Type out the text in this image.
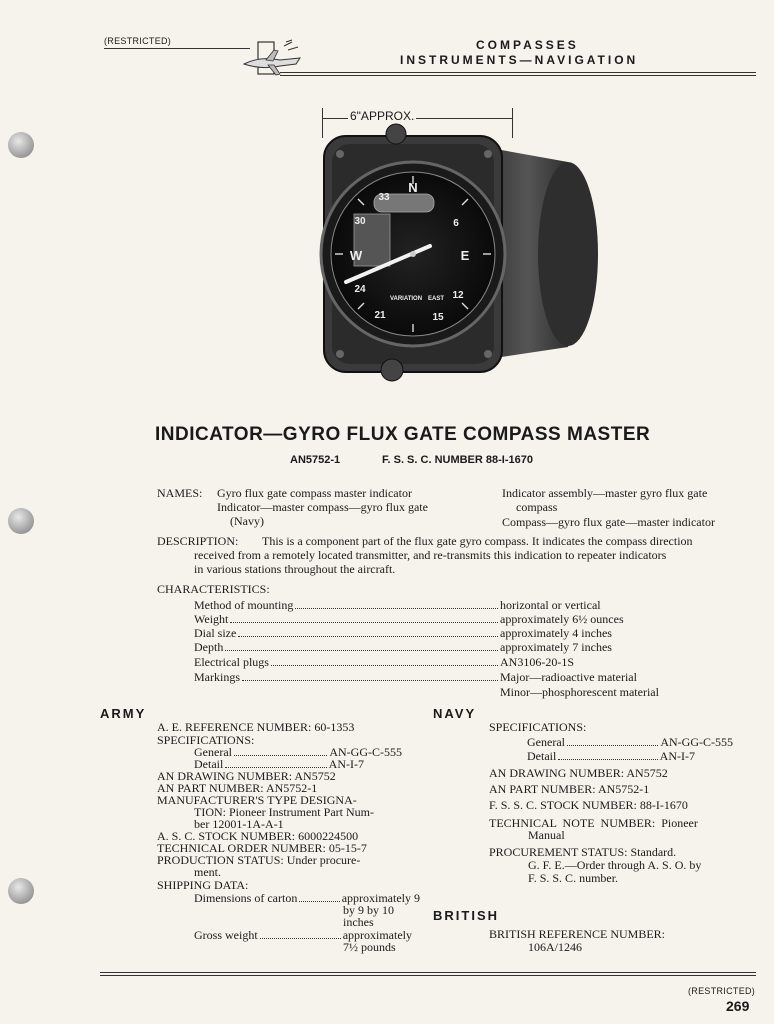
(RESTRICTED)	COMPASSES
INSTRUMENTS—NAVIGATION
6"APPROX.
N
E
W
33
30	6
24
21	15
12
VARIATION EAST
INDICATOR—GYRO FLUX GATE COMPASS MASTER
AN5752-1	F. S. S. C. NUMBER 88-I-1670
NAMES: Gyro flux gate compass master indicator
Indicator—master compass—gyro flux gate
(Navy)
Indicator assembly—master gyro flux gate
compass
Compass—gyro flux gate—master indicator
DESCRIPTION: This is a component part of the flux gate gyro compass. It indicates the compass direction
received from a remotely located transmitter, and re-transmits this indication to repeater indicators
in various stations throughout the aircraft.
CHARACTERISTICS:
Method of mounting	horizontal or vertical
Weight	approximately 6½ ounces
Dial size	approximately 4 inches
Depth	approximately 7 inches
Electrical plugs	AN3106-20-1S
Markings	Major—radioactive material
Minor—phosphorescent material
ARMY
A. E. REFERENCE NUMBER: 60-1353
SPECIFICATIONS:
General	AN-GG-C-555
Detail	AN-I-7
AN DRAWING NUMBER: AN5752
AN PART NUMBER: AN5752-1
MANUFACTURER'S TYPE DESIGNA-
TION: Pioneer Instrument Part Num-
ber 12001-1A-A-1
A. S. C. STOCK NUMBER: 6000224500
TECHNICAL ORDER NUMBER: 05-15-7
PRODUCTION STATUS: Under procure-
ment.
SHIPPING DATA:
Dimensions of carton	approximately 9
by 9 by 10
inches
Gross weight	approximately
7½ pounds
NAVY
SPECIFICATIONS:
General	AN-GG-C-555
Detail	AN-I-7
AN DRAWING NUMBER: AN5752
AN PART NUMBER: AN5752-1
F. S. S. C. STOCK NUMBER: 88-I-1670
TECHNICAL  NOTE  NUMBER:  Pioneer
Manual
PROCUREMENT STATUS: Standard.
G. F. E.—Order through A. S. O. by
F. S. S. C. number.
BRITISH
BRITISH REFERENCE NUMBER:
106A/1246
(RESTRICTED)
269
